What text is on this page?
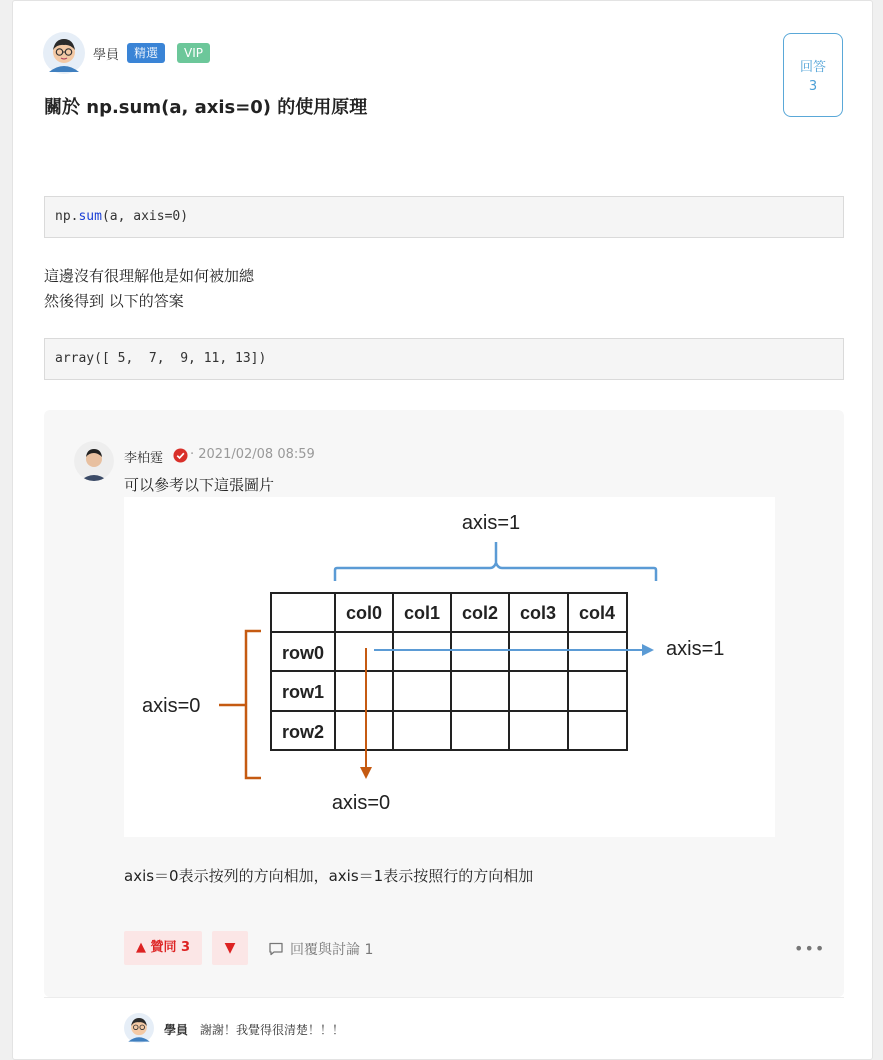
學員	精選	VIP
回答
3
關於 np.sum(a, axis=0) 的使用原理
np.sum(a, axis=0)
這邊沒有很理解他是如何被加總
然後得到 以下的答案
array([ 5,  7,  9, 11, 13])
李柏霆 · 2021/02/08 08:59
可以參考以下這張圖片
axis=1
col0 col1 col2 col3 col4
row0
row1
row2
axis=1
axis=0
axis=0
axis＝0表示按列的方向相加，axis＝1表示按照行的方向相加
▲ 贊同 3	▼	回覆與討論 1	•••
學員 謝謝！我覺得很清楚！！！
